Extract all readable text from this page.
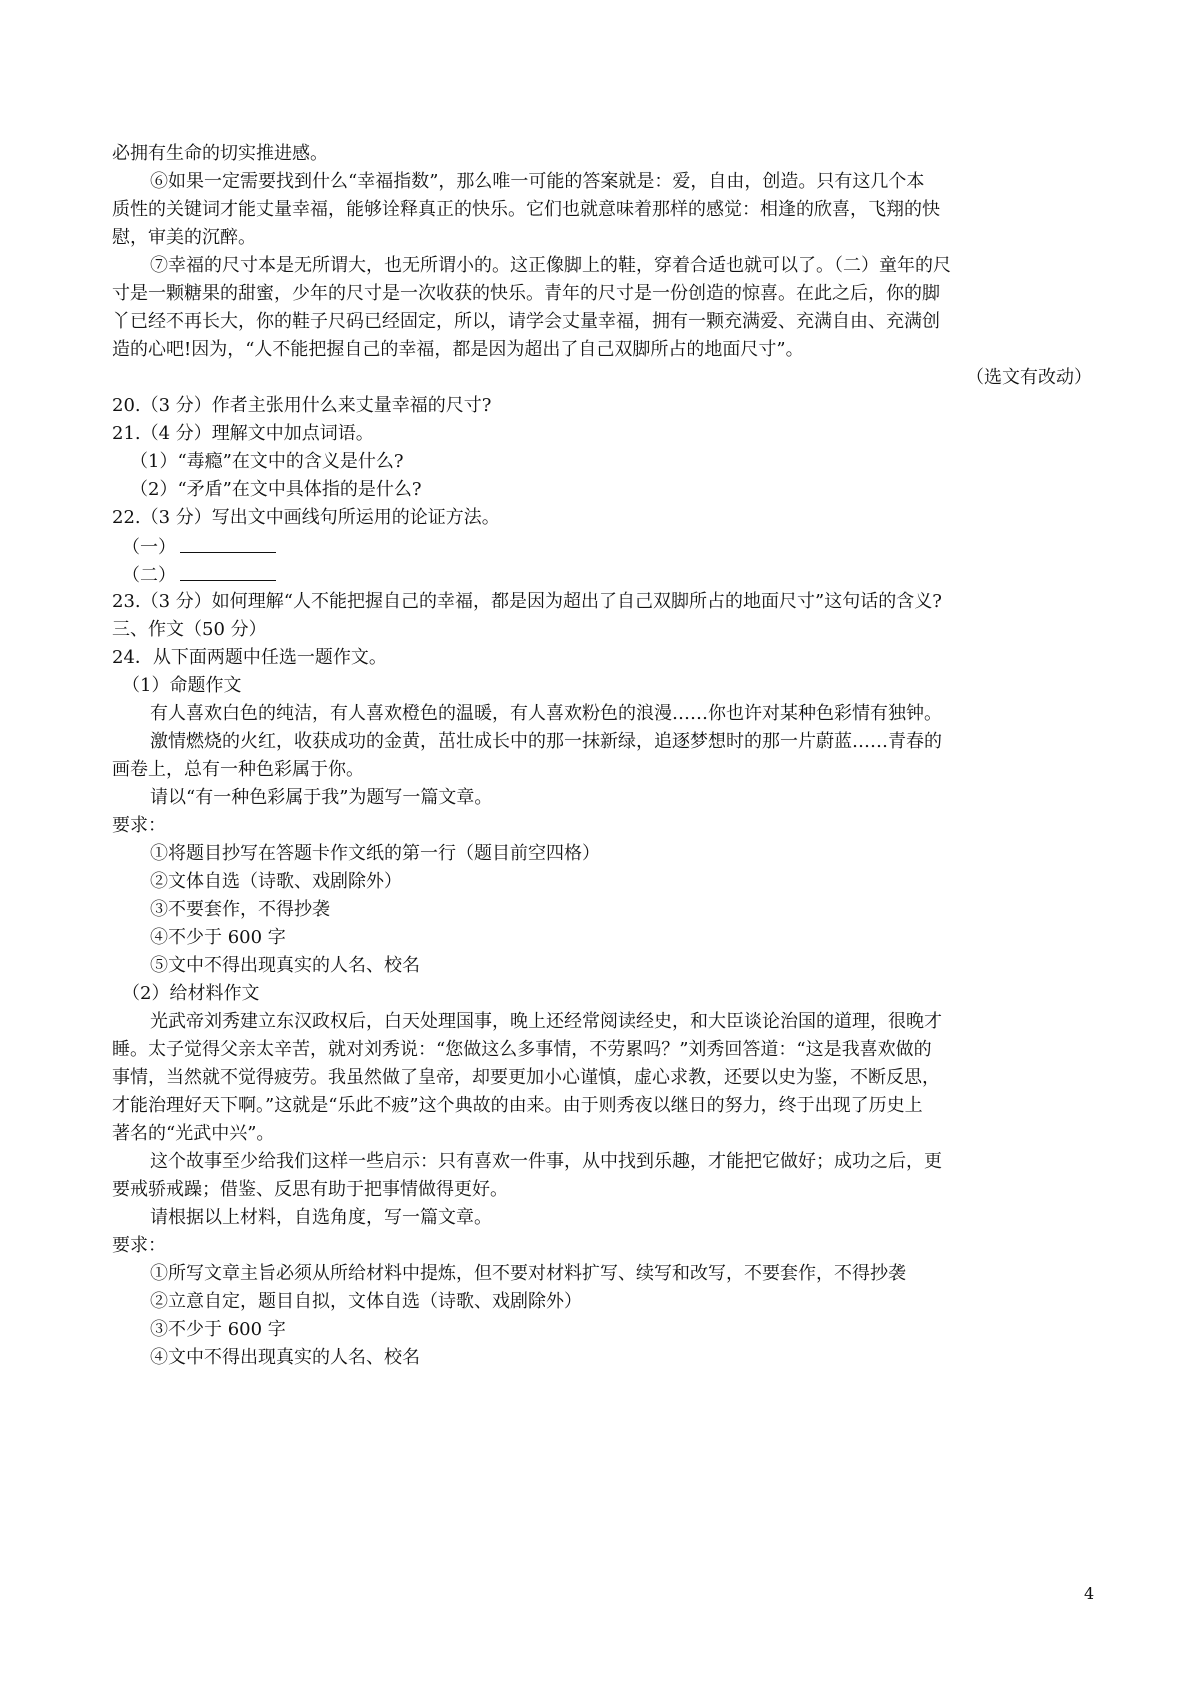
必拥有生命的切实推进感。
⑥如果一定需要找到什么“幸福指数”，那么唯一可能的答案就是：爱，自由，创造。只有这几个本
质性的关键词才能丈量幸福，能够诠释真正的快乐。它们也就意味着那样的感觉：相逢的欣喜，飞翔的快
慰，审美的沉醉。
⑦幸福的尺寸本是无所谓大，也无所谓小的。这正像脚上的鞋，穿着合适也就可以了。（二）童年的尺
寸是一颗糖果的甜蜜，少年的尺寸是一次收获的快乐。青年的尺寸是一份创造的惊喜。在此之后，你的脚
丫已经不再长大，你的鞋子尺码已经固定，所以，请学会丈量幸福，拥有一颗充满爱、充满自由、充满创
造的心吧!因为，“人不能把握自己的幸福，都是因为超出了自己双脚所占的地面尺寸”。
（选文有改动）
20.（3 分）作者主张用什么来丈量幸福的尺寸?
21.（4 分）理解文中加点词语。
（1）“毒瘾”在文中的含义是什么?
（2）“矛盾”在文中具体指的是什么?
22.（3 分）写出文中画线句所运用的论证方法。
（一）
（二）
23.（3 分）如何理解“人不能把握自己的幸福，都是因为超出了自己双脚所占的地面尺寸”这句话的含义?
三、作文（50 分）
24．从下面两题中任选一题作文。
（1）命题作文
有人喜欢白色的纯洁，有人喜欢橙色的温暖，有人喜欢粉色的浪漫……你也许对某种色彩情有独钟。
激情燃烧的火红，收获成功的金黄，茁壮成长中的那一抹新绿，追逐梦想时的那一片蔚蓝……青春的
画卷上，总有一种色彩属于你。
请以“有一种色彩属于我”为题写一篇文章。
要求：
①将题目抄写在答题卡作文纸的第一行（题目前空四格）
②文体自选（诗歌、戏剧除外）
③不要套作，不得抄袭
④不少于 600 字
⑤文中不得出现真实的人名、校名
（2）给材料作文
光武帝刘秀建立东汉政权后，白天处理国事，晚上还经常阅读经史，和大臣谈论治国的道理，很晚才
睡。太子觉得父亲太辛苦，就对刘秀说：“您做这么多事情，不劳累吗？”刘秀回答道：“这是我喜欢做的
事情，当然就不觉得疲劳。我虽然做了皇帝，却要更加小心谨慎，虚心求教，还要以史为鉴，不断反思，
才能治理好天下啊。”这就是“乐此不疲”这个典故的由来。由于则秀夜以继日的努力，终于出现了历史上
著名的“光武中兴”。
这个故事至少给我们这样一些启示：只有喜欢一件事，从中找到乐趣，才能把它做好；成功之后，更
要戒骄戒躁；借鉴、反思有助于把事情做得更好。
请根据以上材料，自选角度，写一篇文章。
要求：
①所写文章主旨必须从所给材料中提炼，但不要对材料扩写、续写和改写，不要套作，不得抄袭
②立意自定，题目自拟，文体自选（诗歌、戏剧除外）
③不少于 600 字
④文中不得出现真实的人名、校名
4
